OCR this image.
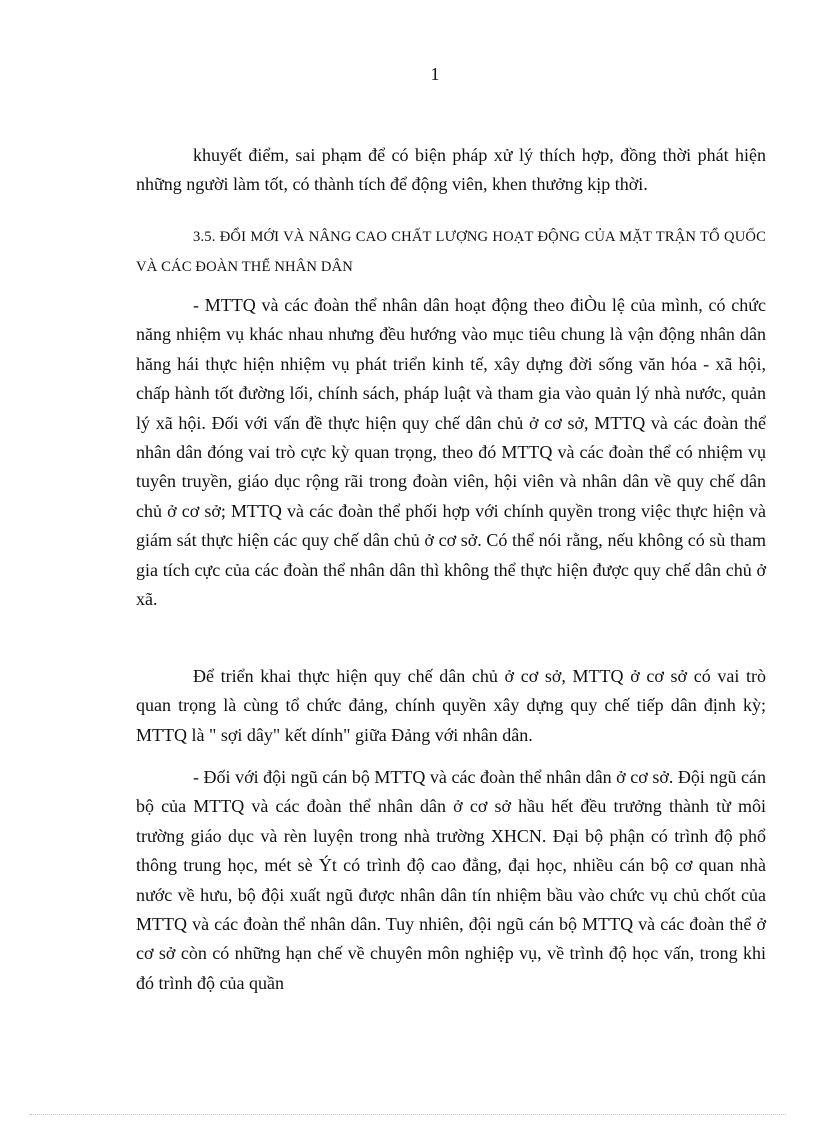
1

khuyết điểm, sai phạm để có biện pháp xử lý thích hợp, đồng thời phát hiện những người làm tốt, có thành tích để động viên, khen thưởng kịp thời.

3.5. ĐỔI MỚI VÀ NÂNG CAO CHẤT LƯỢNG HOẠT ĐỘNG CỦA MẶT TRẬN TỔ QUỐC VÀ CÁC ĐOÀN THỂ NHÂN DÂN

- MTTQ và các đoàn thể nhân dân hoạt động theo điÒu lệ của mình, có chức năng nhiệm vụ khác nhau nhưng đều hướng vào mục tiêu chung là vận động nhân dân hăng hái thực hiện nhiệm vụ phát triển kinh tế, xây dựng đời sống văn hóa - xã hội, chấp hành tốt đường lối, chính sách, pháp luật và tham gia vào quản lý nhà nước, quản lý xã hội. Đối với vấn đề thực hiện quy chế dân chủ ở cơ sở, MTTQ và các đoàn thể nhân dân đóng vai trò cực kỳ quan trọng, theo đó MTTQ và các đoàn thể có nhiệm vụ tuyên truyền, giáo dục rộng rãi trong đoàn viên, hội viên và nhân dân về quy chế dân chủ ở cơ sở; MTTQ và các đoàn thể phối hợp với chính quyền trong việc thực hiện và giám sát thực hiện các quy chế dân chủ ở cơ sở. Có thể nói rằng, nếu không có sù tham gia tích cực của các đoàn thể nhân dân thì không thể thực hiện được quy chế dân chủ ở xã.

Để triển khai thực hiện quy chế dân chủ ở cơ sở, MTTQ ở cơ sở có vai trò quan trọng là cùng tổ chức đảng, chính quyền xây dựng quy chế tiếp dân định kỳ; MTTQ là " sợi dây" kết dính" giữa Đảng với nhân dân.

- Đối với đội ngũ cán bộ MTTQ và các đoàn thể nhân dân ở cơ sở. Đội ngũ cán bộ của MTTQ và các đoàn thể nhân dân ở cơ sở hầu hết đều trưởng thành từ môi trường giáo dục và rèn luyện trong nhà trường XHCN. Đại bộ phận có trình độ phổ thông trung học, mét sè Ýt có trình độ cao đẳng, đại học, nhiều cán bộ cơ quan nhà nước về hưu, bộ đội xuất ngũ được nhân dân tín nhiệm bầu vào chức vụ chủ chốt của MTTQ và các đoàn thể nhân dân. Tuy nhiên, đội ngũ cán bộ MTTQ và các đoàn thể ở cơ sở còn có những hạn chế về chuyên môn nghiệp vụ, về trình độ học vấn, trong khi đó trình độ của quần
